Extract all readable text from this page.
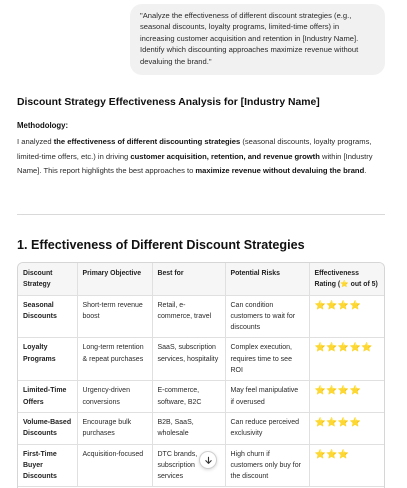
"Analyze the effectiveness of different discount strategies (e.g., seasonal discounts, loyalty programs, limited-time offers) in increasing customer acquisition and retention in [Industry Name]. Identify which discounting approaches maximize revenue without devaluing the brand."
Discount Strategy Effectiveness Analysis for [Industry Name]
Methodology:

I analyzed the effectiveness of different discounting strategies (seasonal discounts, loyalty programs, limited-time offers, etc.) in driving customer acquisition, retention, and revenue growth within [Industry Name]. This report highlights the best approaches to maximize revenue without devaluing the brand.

1. Effectiveness of Different Discount Strategies
Discount Strategy	Primary Objective	Best for	Potential Risks	Effectiveness Rating (⭐ out of 5)
Seasonal Discounts	Short-term revenue boost	Retail, e-commerce, travel	Can condition customers to wait for discounts	⭐⭐⭐⭐
Loyalty Programs	Long-term retention & repeat purchases	SaaS, subscription services, hospitality	Complex execution, requires time to see ROI	⭐⭐⭐⭐⭐
Limited-Time Offers	Urgency-driven conversions	E-commerce, software, B2C	May feel manipulative if overused	⭐⭐⭐⭐
Volume-Based Discounts	Encourage bulk purchases	B2B, SaaS, wholesale	Can reduce perceived exclusivity	⭐⭐⭐⭐
First-Time Buyer Discounts	Acquisition-focused	DTC brands, subscription services	High churn if customers only buy for the discount	⭐⭐⭐
